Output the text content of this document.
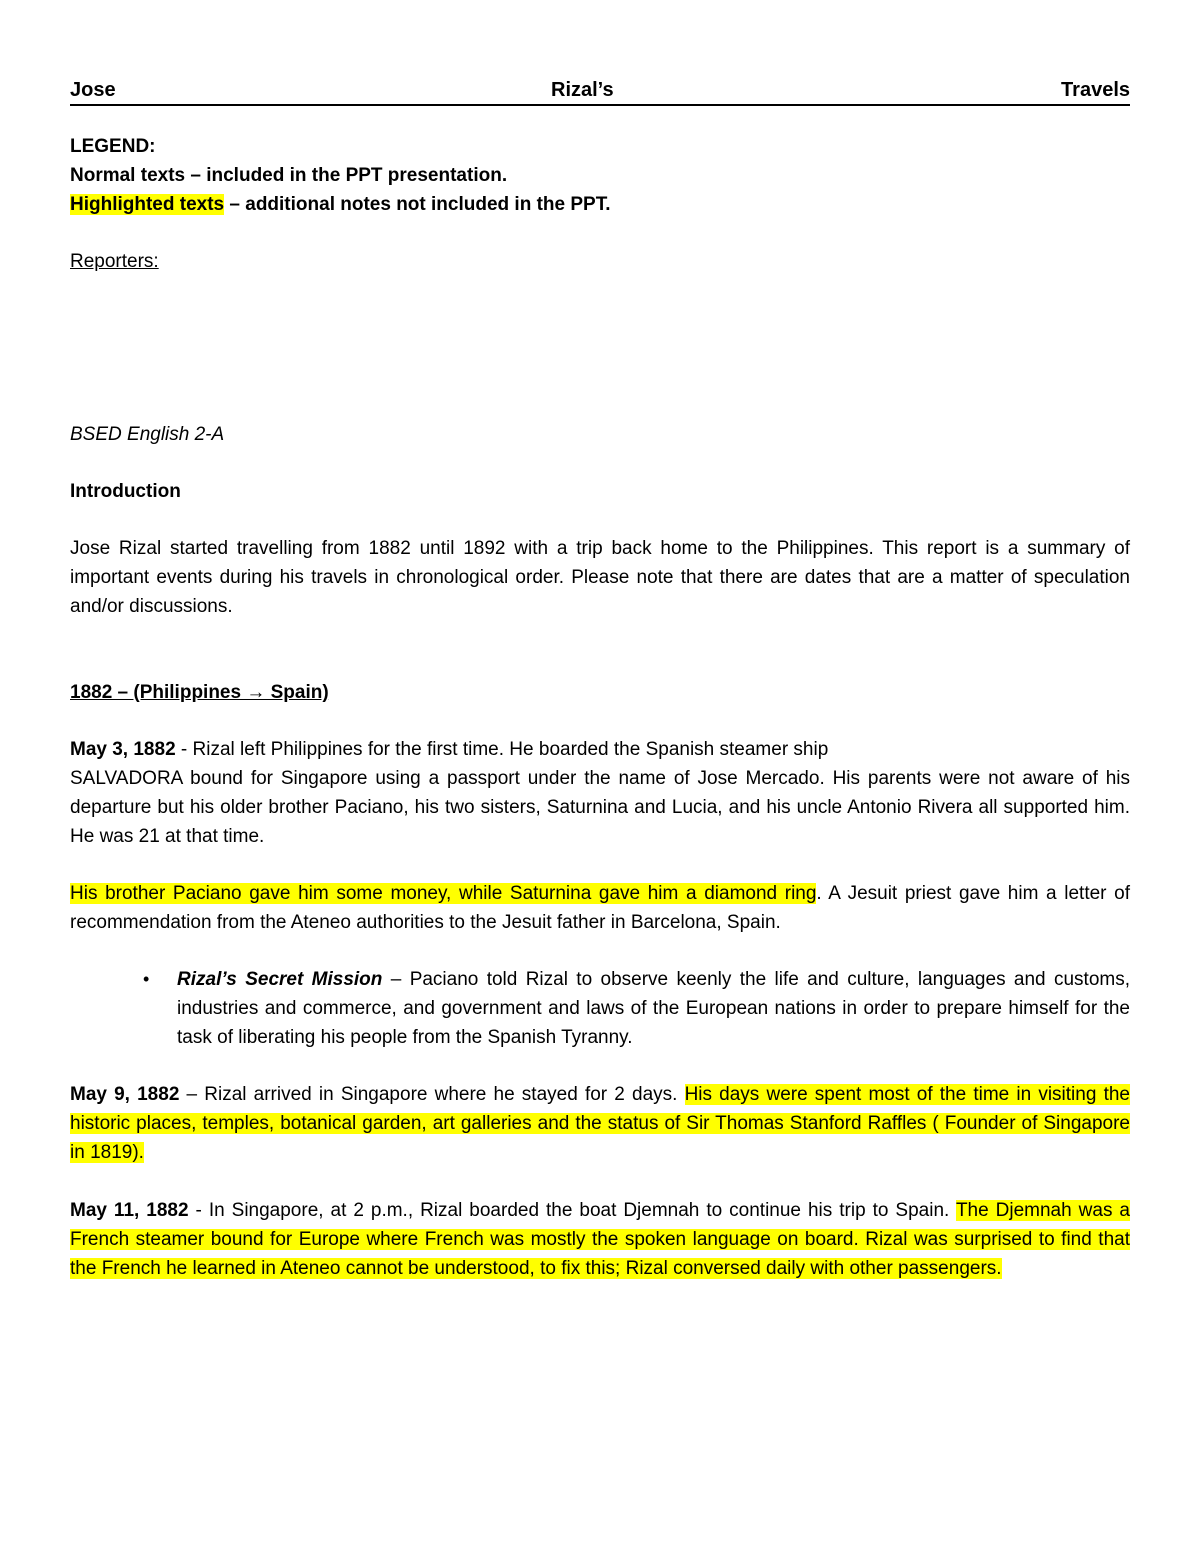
Jose	Rizal’s	Travels
LEGEND:
Normal texts – included in the PPT presentation.
Highlighted texts – additional notes not included in the PPT.
Reporters:
BSED English 2-A
Introduction

Jose Rizal started travelling from 1882 until 1892 with a trip back home to the Philippines. This report is a summary of important events during his travels in chronological order. Please note that there are dates that are a matter of speculation and/or discussions.

1882 – (Philippines → Spain)
May 3, 1882 - Rizal left Philippines for the first time. He boarded the Spanish steamer ship
SALVADORA bound for Singapore using a passport under the name of Jose Mercado. His parents were not aware of his departure but his older brother Paciano, his two sisters, Saturnina and Lucia, and his uncle Antonio Rivera all supported him. He was 21 at that time.

His brother Paciano gave him some money, while Saturnina gave him a diamond ring. A Jesuit priest gave him a letter of recommendation from the Ateneo authorities to the Jesuit father in Barcelona, Spain.

• Rizal’s Secret Mission – Paciano told Rizal to observe keenly the life and culture, languages and customs, industries and commerce, and government and laws of the European nations in order to prepare himself for the task of liberating his people from the Spanish Tyranny.

May 9, 1882 – Rizal arrived in Singapore where he stayed for 2 days. His days were spent most of the time in visiting the historic places, temples, botanical garden, art galleries and the status of Sir Thomas Stanford Raffles ( Founder of Singapore in 1819).

May 11, 1882 - In Singapore, at 2 p.m., Rizal boarded the boat Djemnah to continue his trip to Spain. The Djemnah was a French steamer bound for Europe where French was mostly the spoken language on board. Rizal was surprised to find that the French he learned in Ateneo cannot be understood, to fix this; Rizal conversed daily with other passengers.
